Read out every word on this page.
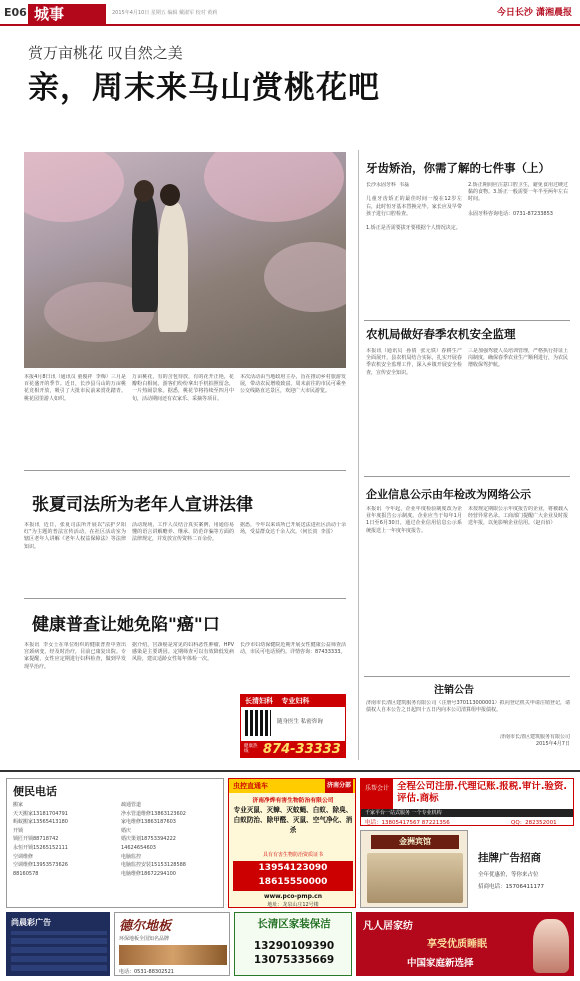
E06 城事	2015年4月10日 星期五 编辑 戴淑军 校对 黄莉	今日长沙 潇湘晨报
赏万亩桃花 叹自然之美
亲，周末来马山赏桃花吧
本报4月8日讯（通讯员 童俊祥  李梅）三月是百花盛开的季节。近日，长沙县马山的万亩桃花竞相开放，吸引了大批市民前来赏花踏青。桃花园里游人如织。
万亩桃花，有的含苞待放，有的花开正艳，花瓣粉白相间。游客们纷纷拿出手机拍照留念，一片热闹景象。据悉，桃花节将持续至四月中旬，活动期间还有农家乐、采摘等项目。
本次活动由当地政府主办，旨在推动乡村旅游发展，带动农民增收致富。周末前往的市民可乘坐公交线路直达景区，欢迎广大市民游览。
张夏司法所为老年人宣讲法律
本报讯  近日，张夏司法所开展以"法护夕阳红"为主题的普法宣传活动，在社区活动室为辖区老年人讲解《老年人权益保障法》等法律知识。
活动现场，工作人员结合真实案例，用通俗易懂的语言讲解赡养、继承、防范诈骗等方面的法律规定，并发放宣传资料二百余份。
据悉，今年以来该所已开展送法进社区活动十余场，受益群众达千余人次。（何长寅  李雷）
健康普查让她免陷"癌"口
本报讯  李女士在单位组织的健康普查中查出宫颈病变，经及时治疗，目前已康复出院。专家提醒，女性应定期进行妇科检查，做到早发现早治疗。
据介绍，宫颈癌是常见的妇科恶性肿瘤，HPV感染是主要诱因。定期筛查可以有效降低发病风险，建议适龄女性每年体检一次。
长沙市妇幼保健院近期开展女性健康公益筛查活动，市民可电话预约。详情咨询：87433333。
长清妇科 专业妇科
随身医生 私密咨询
健康热线	874-33333
牙齿矫治，你需了解的七件事（上）
长沙永固牙科  韦磊

儿童牙齿矫正的最佳时间一般在12岁左右，此时恒牙基本替换完毕。家长应及早带孩子进行口腔检查。

1.矫正是否需要拔牙要根据个人情况决定。
2.矫正期间应注意口腔卫生，避免食用过硬过黏的食物。3.矫正一般需要一年半至两年左右时间。

永固牙科咨询电话：0731-87233853
农机局做好春季农机安全监理
本报讯（通讯员  孙倩  张元铁）春耕生产全面展开，县农机局结合实际，扎实开展春季农机安全监理工作，深入乡镇开展安全检查，宣传安全知识。
三是加强驾驶人员培训管理，严格执行持证上岗制度，确保春季农业生产顺利进行，为农民增收保驾护航。
企业信息公示由年检改为网络公示
本报讯  今年起，企业年度检验制度改为企业年度报告公示制度。企业应当于每年1月1日至6月30日，通过企业信用信息公示系统报送上一年度年度报告。
未按规定期限公示年度报告的企业，将被载入经营异常名录。工商部门提醒广大企业及时报送年报，以免影响企业信用。（赵百佰）
注销公告
济南市长清区建筑服务有限公司（注册号370113000001）拟向登记机关申请注销登记，请债权人自本公告之日起四十五日内向本公司清算组申报债权。
济南市长清区建筑服务有限公司
2015年4月7日
便民电话
搬家
天天搬家13181704791
蚂蚁搬家13565413180
开锁
锁匠开锁88718742
永恒开锁15265152111
空调维修
空调维修13953573626
88160578
疏通管道
净水管道维修13863123602
家电维修13863187603
婚庆
婚庆策划18753394222
14624654603
电脑监控
电脑监控安装15153128588
电脑维修18672294100
虫控直通车	济南分部
济南净烨有害生物防治有限公司
专业灭鼠、灭蟑、灭蚊蝇、白蚁、除臭、白蚁防治、除甲醛、灭鼠、空气净化、消杀
具有有害生物防治资质证书
13954123090
18615550000
www.pco-pmp.cn
地址：龙泉山庄12号楼
乐帮会计 全程公司注册.代理记账.报税.审计.验资.评估.商标
千家平台一站式服务 一个专业机构
电话：13805417567 87221356	QQ：282352001
金洲宾馆
挂牌广告招商
全年优惠价，等你来占位
招商电话：15706411177
尚晨彩广告	德尔地板
环保地板全国知名品牌
电话：0531-88302521
长清区家装保洁
13290109390
13075335669
凡人居家纺
享受优质睡眠
中国家庭新选择
